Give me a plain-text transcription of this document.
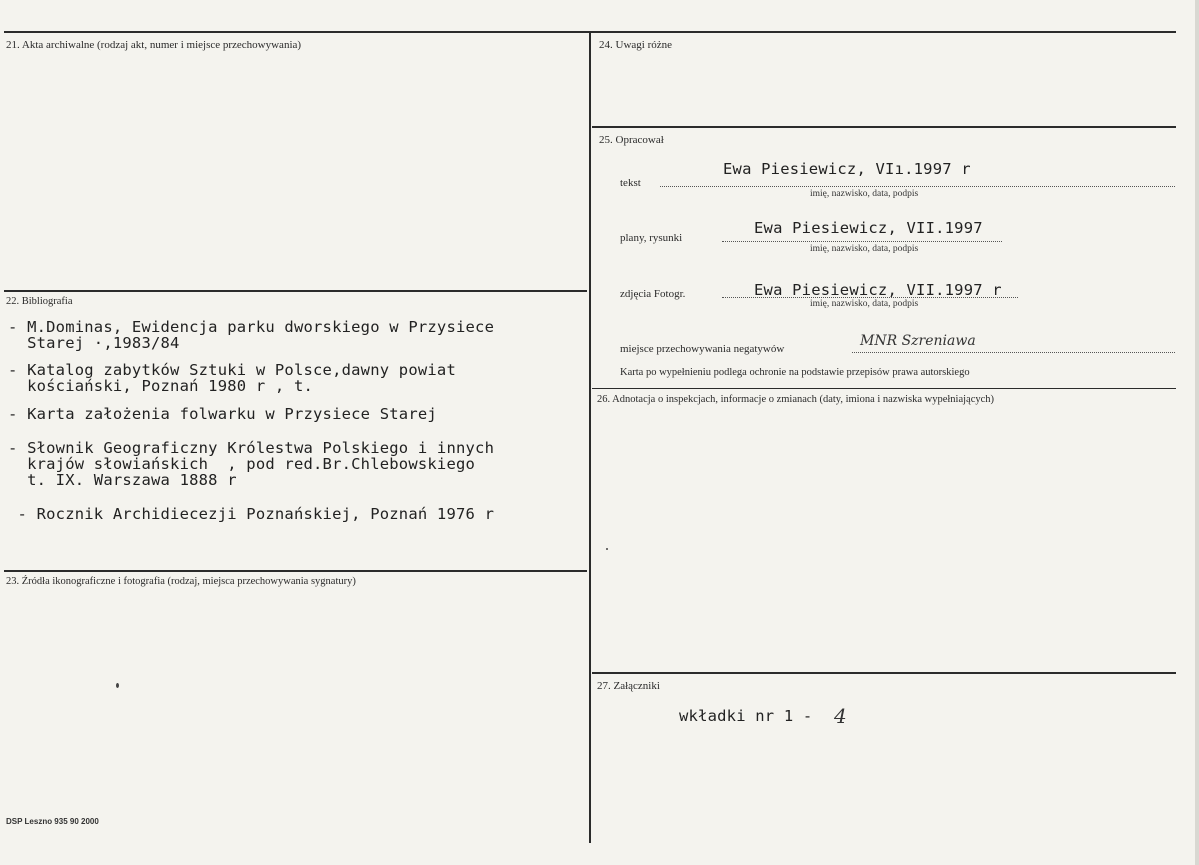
21. Akta archiwalne (rodzaj akt, numer i miejsce przechowywania)
22. Bibliografia
- M.Dominas, Ewidencja parku dworskiego w Przysiece
Starej ·,1983/84
- Katalog zabytków Sztuki w Polsce,dawny powiat
kościański, Poznań 1980 r , t.
- Karta założenia folwarku w Przysiece Starej
- Słownik Geograficzny Królestwa Polskiego i innych
krajów słowiańskich  , pod red.Br.Chlebowskiego
t. IX. Warszawa 1888 r
- Rocznik Archidiecezji Poznańskiej, Poznań 1976 r
23. Źródła ikonograficzne i fotografia (rodzaj, miejsca przechowywania sygnatury)
DSP Leszno 935 90 2000
24. Uwagi różne
25. Opracował
tekst
Ewa Piesiewicz, VIı.1997 r
imię, nazwisko, data, podpis
plany, rysunki
Ewa Piesiewicz, VII.1997
imię, nazwisko, data, podpis
zdjęcia Fotogr.	Ewa Piesiewicz, VII.1997 r
imię, nazwisko, data, podpis
miejsce przechowywania negatywów	MNR Szreniawa
Karta po wypełnieniu podlega ochronie na podstawie przepisów prawa autorskiego
26. Adnotacja o inspekcjach, informacje o zmianach (daty, imiona i nazwiska wypełniających)
27. Załączniki
wkładki nr 1 - 4
